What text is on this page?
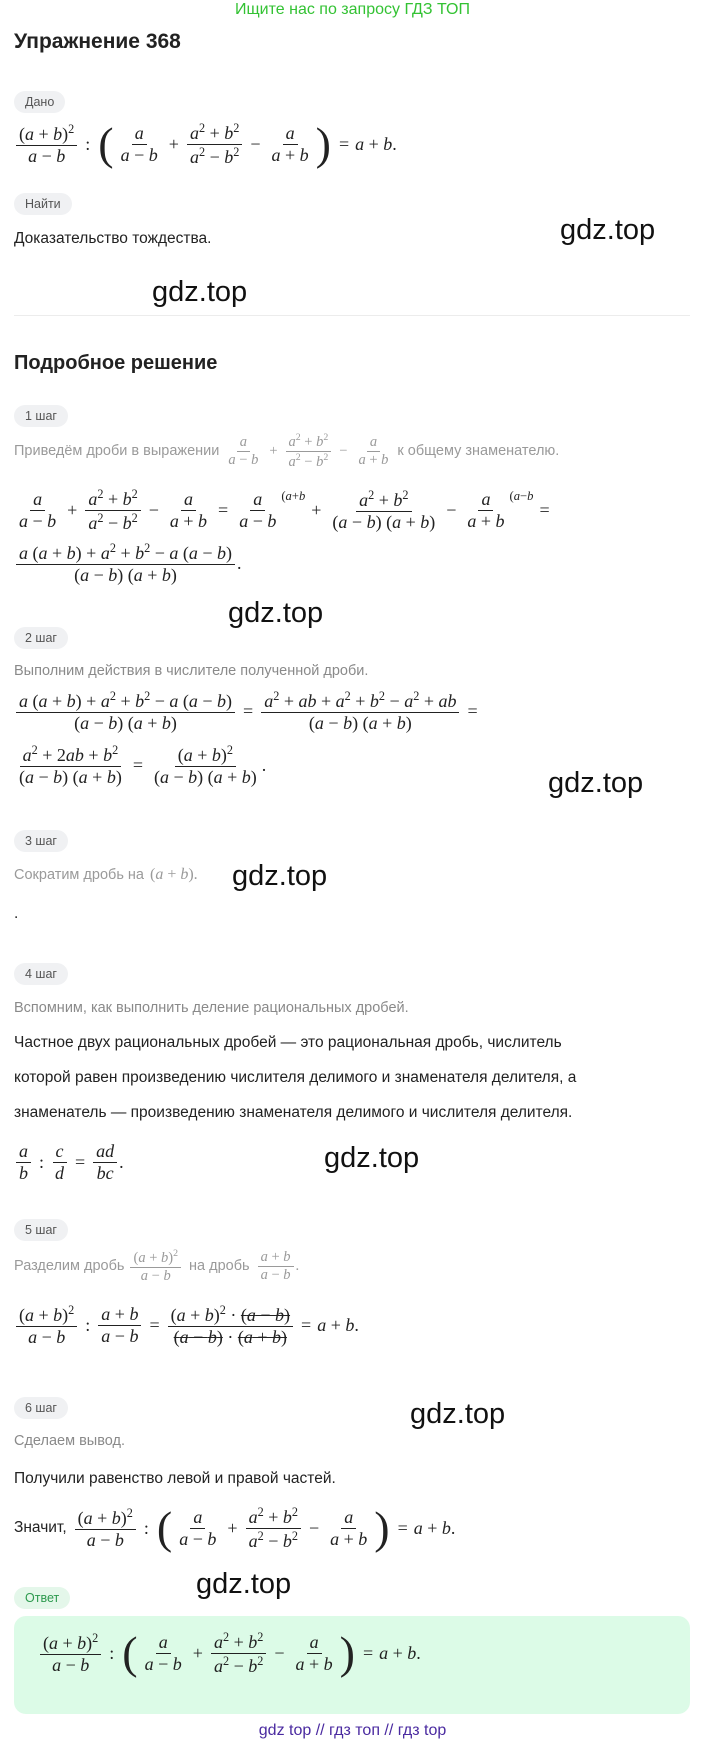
Ищите нас по запросу ГДЗ ТОП
Упражнение 368
Дано
$(a + b)^2$
a − b
: ( a
a − b
+ $\frac{a^2 + b^2}{a^2 - b^2} - \frac{a}{a + b}$ ) = a + b .
Найти
Доказательство тождества.	gdz.top
gdz.top
Подробное решение
1 шаг
Приведём дроби в выражении
a
a − b
+ $\frac{a^2 + b^2}{a^2 - b^2} - \frac{a}{a + b}$ к общему знаменателю.
a
a − b
+ $\frac{a^2 + b^2}{a^2 - b^2} - \frac{a}{a + b} = \frac{a}{a - b} (a+b$
+ $\frac{a^2 + b^2}{(a - b) (a + b)} - \frac{a}{a + b} (a-b$
=
a $(a + b) + a^2 + b^2 - a$ (a − b)
(a − b) (a + b)
.
gdz.top
2 шаг
Выполним действия в числителе полученной дроби.
$\frac{a (a + b) + a^2 + b^2 - a (a - b)}{(a - b) (a + b)} = \frac{a^2 + ab + a^2 + b^2 - a^2 + ab}{(a - b) (a + b)}$ =
$\frac{a^2 + 2ab + b^2}{(a - b) (a + b)} = \frac{(a + b)^2}{(a - b) (a + b)}$ .
gdz.top
3 шаг
Сократим дробь на (a + b). gdz.top
.
4 шаг
Вспомним, как выполнить деление рациональных дробей.
Частное двух рациональных дробей — это рациональная дробь, числитель
которой равен произведению числителя делимого и знаменателя делителя, а
знаменатель — произведению знаменателя делимого и числителя делителя.
a
b
: $\frac{c}{d} = \frac{ad}{bc}$ .	gdz.top
5 шаг
Разделим дробь
$(a + b)^2$
a − b
на дробь
a + b
a − b
.
$(a + b)^2$
a − b
: $\frac{a + b}{a - b} = \frac{(a + b)^2 \cdot (a - b)}{(a - b) \cdot (a + b)} = a + b$ .
6 шаг	gdz.top
Сделаем вывод.
Получили равенство левой и правой частей.
Значит, $(a + b)^2$
a − b
: ( a
a − b
+ $\frac{a^2 + b^2}{a^2 - b^2} - \frac{a}{a + b}$ ) = a + b .
gdz.top
Ответ
$(a + b)^2$
a − b
: ( a
a − b
+ $\frac{a^2 + b^2}{a^2 - b^2} - \frac{a}{a + b}$ ) = a + b .
gdz top // гдз топ // гдз top
